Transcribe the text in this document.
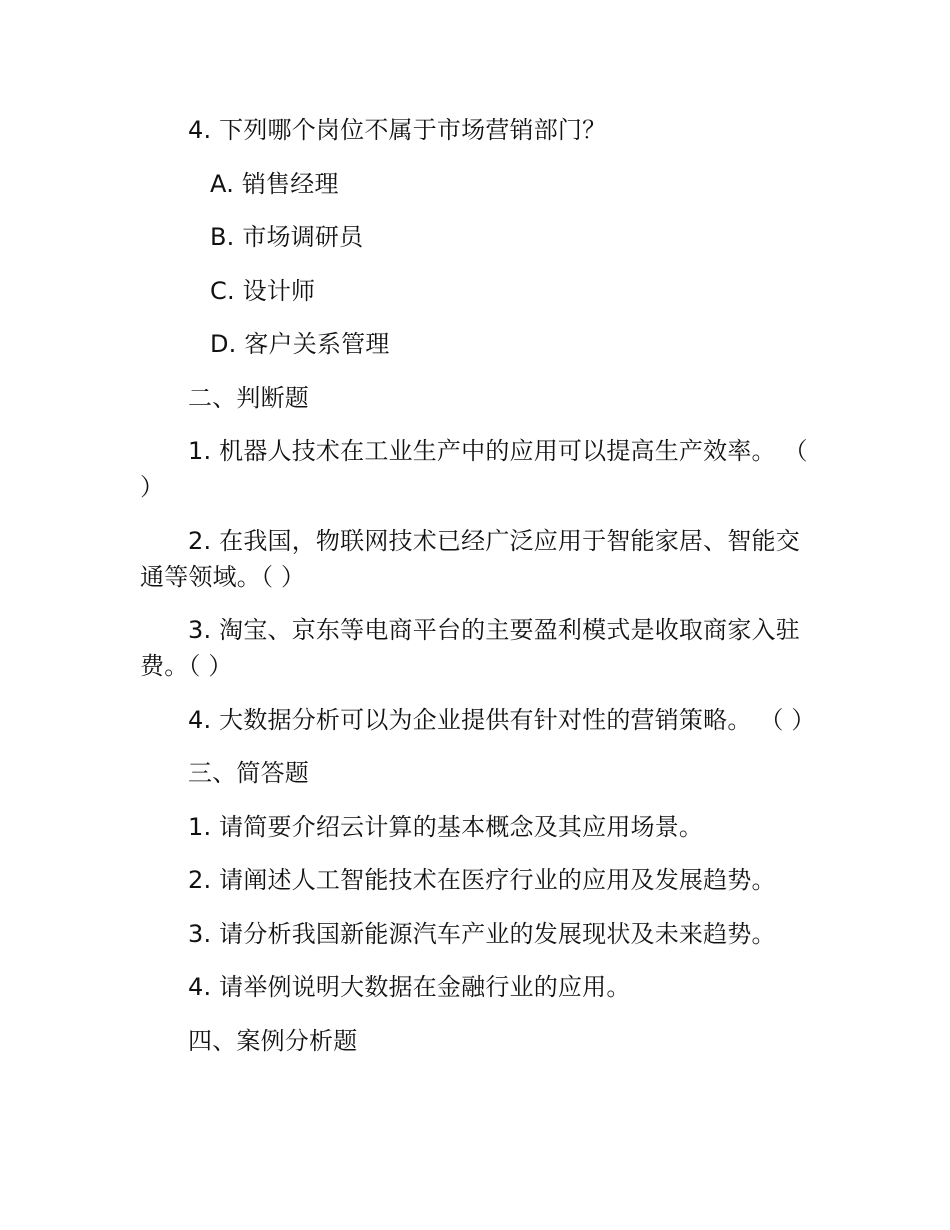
4. 下列哪个岗位不属于市场营销部门？

A. 销售经理

B. 市场调研员

C. 设计师

D. 客户关系管理

二、判断题

1. 机器人技术在工业生产中的应用可以提高生产效率。 （ ）

2. 在我国，物联网技术已经广泛应用于智能家居、智能交通等领域。（ ）

3. 淘宝、京东等电商平台的主要盈利模式是收取商家入驻费。（ ）

4. 大数据分析可以为企业提供有针对性的营销策略。 （ ）

三、简答题

1. 请简要介绍云计算的基本概念及其应用场景。

2. 请阐述人工智能技术在医疗行业的应用及发展趋势。

3. 请分析我国新能源汽车产业的发展现状及未来趋势。

4. 请举例说明大数据在金融行业的应用。

四、案例分析题
